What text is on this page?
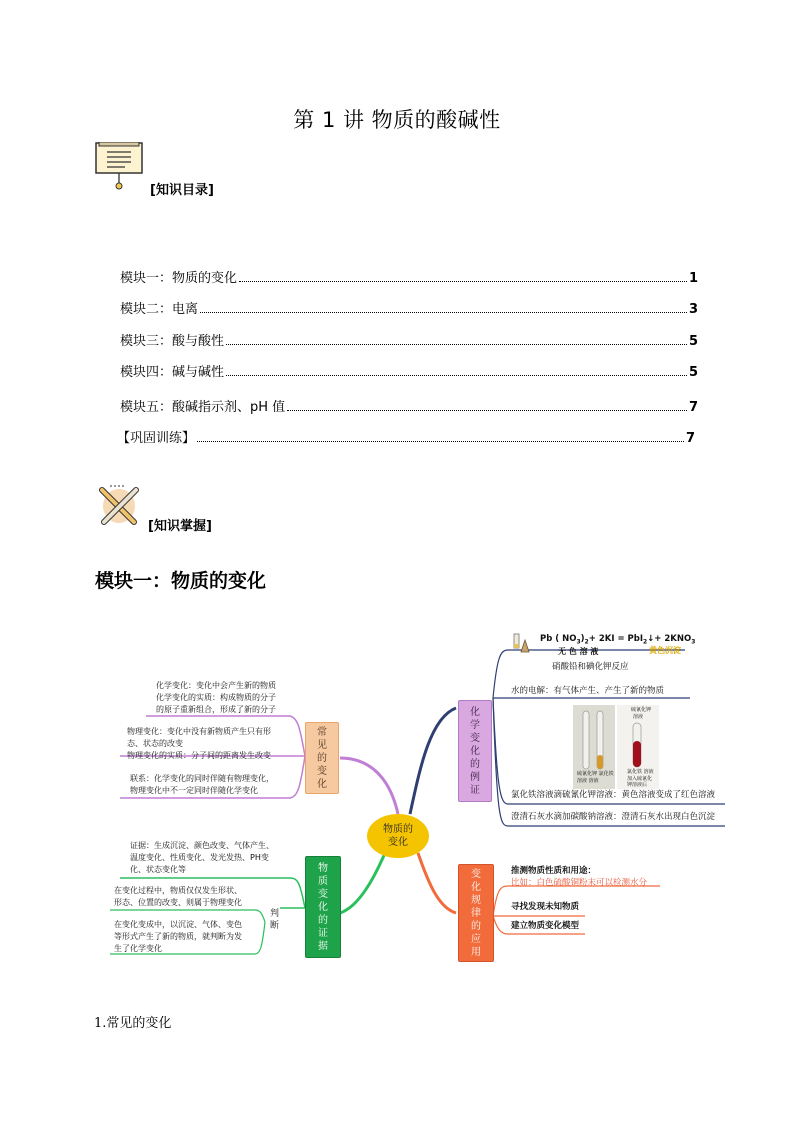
第 1 讲 物质的酸碱性
[知识目录]
模块一：物质的变化	1
模块二：电离	3
模块三：酸与酸性	5
模块四：碱与碱性	5
模块五：酸碱指示剂、pH 值	7
【巩固训练】	7
[知识掌握]
模块一：物质的变化
物质的变化
常见的变化
化学变化的例证
物质变化的证据
变化规律的应用
判断
化学变化：变化中会产生新的物质
化学变化的实质：构成物质的分子
的原子重新组合，形成了新的分子
物理变化：变化中没有新物质产生只有形
态、状态的改变
物理变化的实质：分子间的距离发生改变
联系：化学变化的同时伴随有物理变化，
物理变化中不一定同时伴随化学变化
证据：生成沉淀、颜色改变、气体产生、
温度变化、性质变化、发光发热、PH变
化、状态变化等
在变化过程中，物质仅仅发生形状、
形态、位置的改变、则属于物理变化
在变化变成中，以沉淀、气体、变色
等形式产生了新的物质，就判断为发
生了化学变化
Pb ( $NO_3)_2+ 2KI$ = PbI$_2$↓+ $2KNO_3$
无 色 溶 液	黄色沉淀
硝酸铅和碘化钾反应
水的电解：有气体产生、产生了新的物质
硫氰化钾 氯化铁
溶液 溶液
硫氰化钾
溶液
氯化铁 溶液
加入硫氰化
钾溶液后
氯化铁溶液滴硫氰化钾溶液：黄色溶液变成了红色溶液
澄清石灰水滴加碳酸钠溶液：澄清石灰水出现白色沉淀
推测物质性质和用途：
比如：白色硫酸铜粉末可以检测水分
寻找发现未知物质
建立物质变化模型
1.常见的变化
